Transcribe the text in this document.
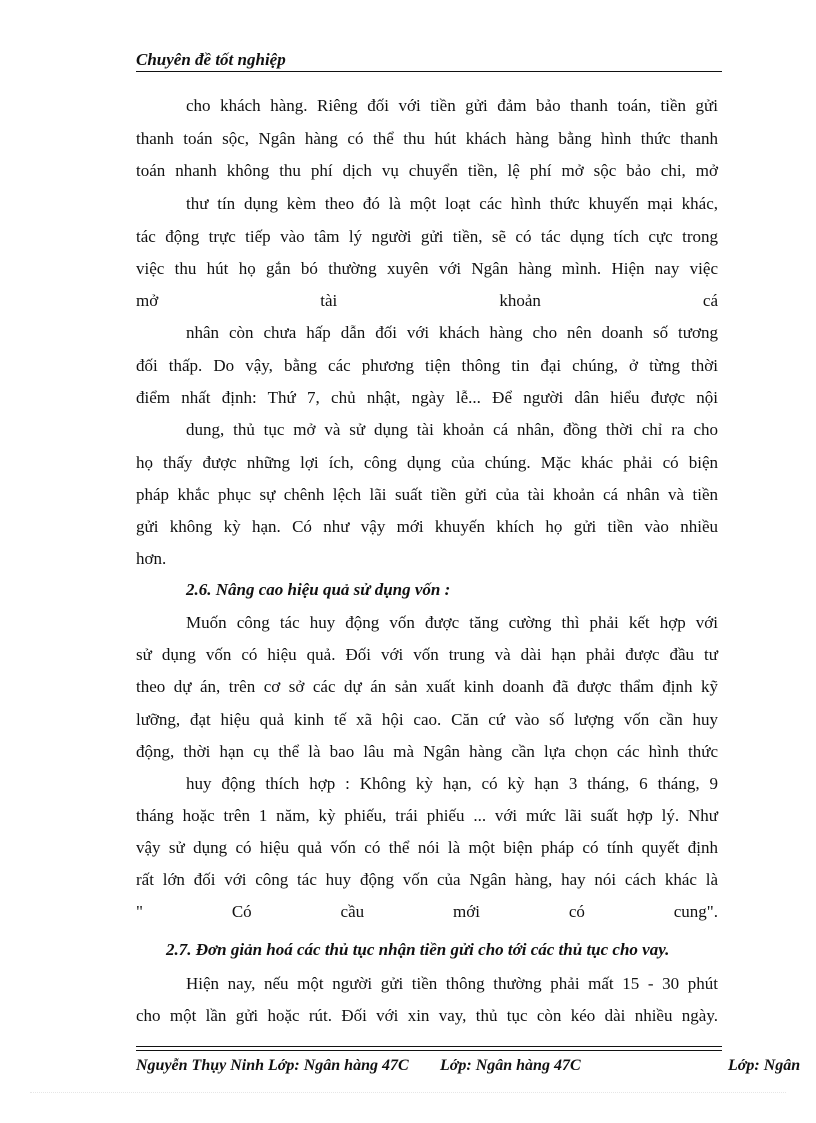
Chuyên đề tốt nghiệp
cho khách hàng. Riêng đối với tiền gửi đảm bảo thanh toán, tiền gửi
thanh toán sộc, Ngân hàng có thể thu hút khách hàng bằng hình thức thanh
toán nhanh không thu phí dịch vụ chuyển tiền, lệ phí mở sộc bảo chi, mở
thư tín dụng kèm theo đó là một loạt các hình thức khuyến mại khác,
tác động trực tiếp vào tâm lý người gửi tiền, sẽ có tác dụng tích cực trong
việc thu hút họ gắn bó thường xuyên với Ngân hàng mình. Hiện nay việc
mở	tài	khoản	cá
nhân còn chưa hấp dẫn đối với khách hàng cho nên doanh số tương
đối thấp. Do vậy, bằng các phương tiện thông tin đại chúng, ở từng thời
điểm nhất định: Thứ 7, chủ nhật, ngày lễ... Để người dân hiểu được nội
dung, thủ tục mở và sử dụng tài khoản cá nhân, đồng thời chỉ ra cho
họ thấy được những lợi ích, công dụng của chúng. Mặc khác phải có biện
pháp khắc phục sự chênh lệch lãi suất tiền gửi của tài khoản cá nhân và tiền
gửi không kỳ hạn. Có như vậy mới khuyến khích họ gửi tiền vào nhiều
hơn.
2.6. Nâng cao hiệu quả sử dụng vốn :
Muốn công tác huy động vốn được tăng cường thì phải kết hợp với
sử dụng vốn có hiệu quả. Đối với vốn trung và dài hạn phải được đầu tư
theo dự án, trên cơ sở các dự án sản xuất kinh doanh đã được thẩm định kỹ
lưỡng, đạt hiệu quả kinh tế xã hội cao. Căn cứ vào số lượng vốn cần huy
động, thời hạn cụ thể là bao lâu mà Ngân hàng cần lựa chọn các hình thức
huy động thích hợp : Không kỳ hạn, có kỳ hạn 3 tháng, 6 tháng, 9
tháng hoặc trên 1 năm, kỳ phiếu, trái phiếu ... với mức lãi suất hợp lý. Như
vậy sử dụng có hiệu quả vốn có thể nói là một biện pháp có tính quyết định
rất lớn đối với công tác huy động vốn của Ngân hàng, hay nói cách khác là
"	Có	cầu	mới	có	cung".
2.7. Đơn giản hoá các thủ tục nhận tiền gửi cho tới các thủ tục cho vay.
Hiện nay, nếu một người gửi tiền thông thường phải mất 15 - 30 phút
cho một lần gửi hoặc rút. Đối với xin vay, thủ tục còn kéo dài nhiều ngày.
Nguyễn Thụy Ninh Lớp: Ngân hàng 47C Lớp: Ngân hàng 47C	Lớp: Ngân
